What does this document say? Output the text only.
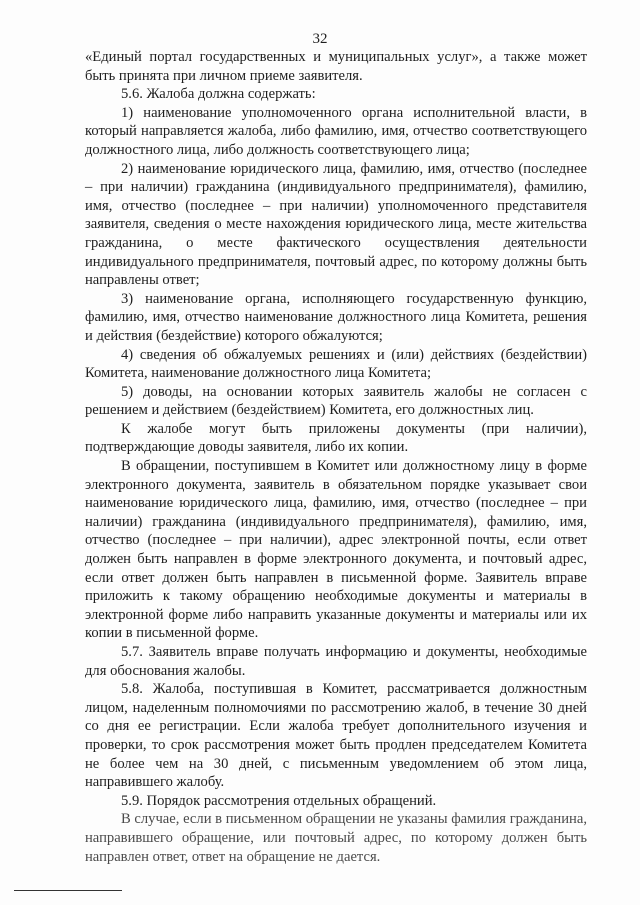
32

«Единый портал государственных и муниципальных услуг», а также может быть принята при личном приеме заявителя.

5.6. Жалоба должна содержать:

1) наименование уполномоченного органа исполнительной власти, в который направляется жалоба, либо фамилию, имя, отчество соответствующего должностного лица, либо должность соответствующего лица;

2) наименование юридического лица, фамилию, имя, отчество (последнее – при наличии) гражданина (индивидуального предпринимателя), фамилию, имя, отчество (последнее – при наличии) уполномоченного представителя заявителя, сведения о месте нахождения юридического лица, месте жительства гражданина, о месте фактического осуществления деятельности индивидуального предпринимателя, почтовый адрес, по которому должны быть направлены ответ;

3) наименование органа, исполняющего государственную функцию, фамилию, имя, отчество наименование должностного лица Комитета, решения и действия (бездействие) которого обжалуются;

4) сведения об обжалуемых решениях и (или) действиях (бездействии) Комитета, наименование должностного лица Комитета;

5) доводы, на основании которых заявитель жалобы не согласен с решением и действием (бездействием) Комитета, его должностных лиц.

К жалобе могут быть приложены документы (при наличии), подтверждающие доводы заявителя, либо их копии.

В обращении, поступившем в Комитет или должностному лицу в форме электронного документа, заявитель в обязательном порядке указывает свои наименование юридического лица, фамилию, имя, отчество (последнее – при наличии) гражданина (индивидуального предпринимателя), фамилию, имя, отчество (последнее – при наличии), адрес электронной почты, если ответ должен быть направлен в форме электронного документа, и почтовый адрес, если ответ должен быть направлен в письменной форме. Заявитель вправе приложить к такому обращению необходимые документы и материалы в электронной форме либо направить указанные документы и материалы или их копии в письменной форме.

5.7. Заявитель вправе получать информацию и документы, необходимые для обоснования жалобы.

5.8. Жалоба, поступившая в Комитет, рассматривается должностным лицом, наделенным полномочиями по рассмотрению жалоб, в течение 30 дней со дня ее регистрации. Если жалоба требует дополнительного изучения и проверки, то срок рассмотрения может быть продлен председателем Комитета не более чем на 30 дней, с письменным уведомлением об этом лица, направившего жалобу.

5.9. Порядок рассмотрения отдельных обращений.

В случае, если в письменном обращении не указаны фамилия гражданина, направившего обращение, или почтовый адрес, по которому должен быть направлен ответ, ответ на обращение не дается.
